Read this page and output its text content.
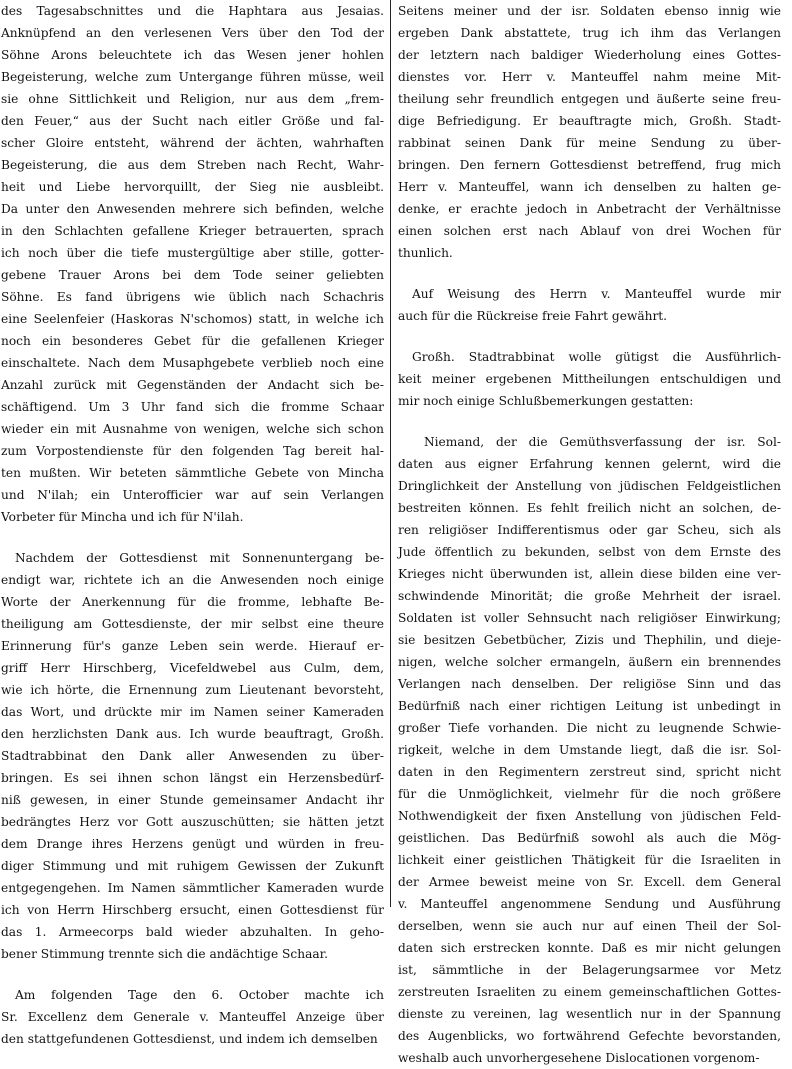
des Tagesabschnittes und die Haphtara aus Jesaias.
Anknüpfend an den verlesenen Vers über den Tod der
Söhne Arons beleuchtete ich das Wesen jener hohlen
Begeisterung, welche zum Untergange führen müsse, weil
sie ohne Sittlichkeit und Religion, nur aus dem „frem-
den Feuer,“ aus der Sucht nach eitler Größe und fal-
scher Gloire entsteht, während der ächten, wahrhaften
Begeisterung, die aus dem Streben nach Recht, Wahr-
heit und Liebe hervorquillt, der Sieg nie ausbleibt.
Da unter den Anwesenden mehrere sich befinden, welche
in den Schlachten gefallene Krieger betrauerten, sprach
ich noch über die tiefe mustergültige aber stille, gotter-
gebene Trauer Arons bei dem Tode seiner geliebten
Söhne. Es fand übrigens wie üblich nach Schachris
eine Seelenfeier (Haskoras N'schomos) statt, in welche ich
noch ein besonderes Gebet für die gefallenen Krieger
einschaltete. Nach dem Musaphgebete verblieb noch eine
Anzahl zurück mit Gegenständen der Andacht sich be-
schäftigend. Um 3 Uhr fand sich die fromme Schaar
wieder ein mit Ausnahme von wenigen, welche sich schon
zum Vorpostendienste für den folgenden Tag bereit hal-
ten mußten. Wir beteten sämmtliche Gebete von Mincha
und N'ilah; ein Unterofficier war auf sein Verlangen
Vorbeter für Mincha und ich für N'ilah.
Nachdem der Gottesdienst mit Sonnenuntergang be-
endigt war, richtete ich an die Anwesenden noch einige
Worte der Anerkennung für die fromme, lebhafte Be-
theiligung am Gottesdienste, der mir selbst eine theure
Erinnerung für's ganze Leben sein werde. Hierauf er-
griff Herr Hirschberg, Vicefeldwebel aus Culm, dem,
wie ich hörte, die Ernennung zum Lieutenant bevorsteht,
das Wort, und drückte mir im Namen seiner Kameraden
den herzlichsten Dank aus. Ich wurde beauftragt, Großh.
Stadtrabbinat den Dank aller Anwesenden zu über-
bringen. Es sei ihnen schon längst ein Herzensbedürf-
niß gewesen, in einer Stunde gemeinsamer Andacht ihr
bedrängtes Herz vor Gott auszuschütten; sie hätten jetzt
dem Drange ihres Herzens genügt und würden in freu-
diger Stimmung und mit ruhigem Gewissen der Zukunft
entgegengehen. Im Namen sämmtlicher Kameraden wurde
ich von Herrn Hirschberg ersucht, einen Gottesdienst für
das 1. Armeecorps bald wieder abzuhalten. In geho-
bener Stimmung trennte sich die andächtige Schaar.
Am folgenden Tage den 6. October machte ich
Sr. Excellenz dem Generale v. Manteuffel Anzeige über
den stattgefundenen Gottesdienst, und indem ich demselben
Seitens meiner und der isr. Soldaten ebenso innig wie
ergeben Dank abstattete, trug ich ihm das Verlangen
der letztern nach baldiger Wiederholung eines Gottes-
dienstes vor. Herr v. Manteuffel nahm meine Mit-
theilung sehr freundlich entgegen und äußerte seine freu-
dige Befriedigung. Er beauftragte mich, Großh. Stadt-
rabbinat seinen Dank für meine Sendung zu über-
bringen. Den fernern Gottesdienst betreffend, frug mich
Herr v. Manteuffel, wann ich denselben zu halten ge-
denke, er erachte jedoch in Anbetracht der Verhältnisse
einen solchen erst nach Ablauf von drei Wochen für
thunlich.
Auf Weisung des Herrn v. Manteuffel wurde mir
auch für die Rückreise freie Fahrt gewährt.
Großh. Stadtrabbinat wolle gütigst die Ausführlich-
keit meiner ergebenen Mittheilungen entschuldigen und
mir noch einige Schlußbemerkungen gestatten:
Niemand, der die Gemüthsverfassung der isr. Sol-
daten aus eigner Erfahrung kennen gelernt, wird die
Dringlichkeit der Anstellung von jüdischen Feldgeistlichen
bestreiten können. Es fehlt freilich nicht an solchen, de-
ren religiöser Indifferentismus oder gar Scheu, sich als
Jude öffentlich zu bekunden, selbst von dem Ernste des
Krieges nicht überwunden ist, allein diese bilden eine ver-
schwindende Minorität; die große Mehrheit der israel.
Soldaten ist voller Sehnsucht nach religiöser Einwirkung;
sie besitzen Gebetbücher, Zizis und Thephilin, und dieje-
nigen, welche solcher ermangeln, äußern ein brennendes
Verlangen nach denselben. Der religiöse Sinn und das
Bedürfniß nach einer richtigen Leitung ist unbedingt in
großer Tiefe vorhanden. Die nicht zu leugnende Schwie-
rigkeit, welche in dem Umstande liegt, daß die isr. Sol-
daten in den Regimentern zerstreut sind, spricht nicht
für die Unmöglichkeit, vielmehr für die noch größere
Nothwendigkeit der fixen Anstellung von jüdischen Feld-
geistlichen. Das Bedürfniß sowohl als auch die Mög-
lichkeit einer geistlichen Thätigkeit für die Israeliten in
der Armee beweist meine von Sr. Excell. dem General
v. Manteuffel angenommene Sendung und Ausführung
derselben, wenn sie auch nur auf einen Theil der Sol-
daten sich erstrecken konnte. Daß es mir nicht gelungen
ist, sämmtliche in der Belagerungsarmee vor Metz
zerstreuten Israeliten zu einem gemeinschaftlichen Gottes-
dienste zu vereinen, lag wesentlich nur in der Spannung
des Augenblicks, wo fortwährend Gefechte bevorstanden,
weshalb auch unvorhergesehene Dislocationen vorgenom-
